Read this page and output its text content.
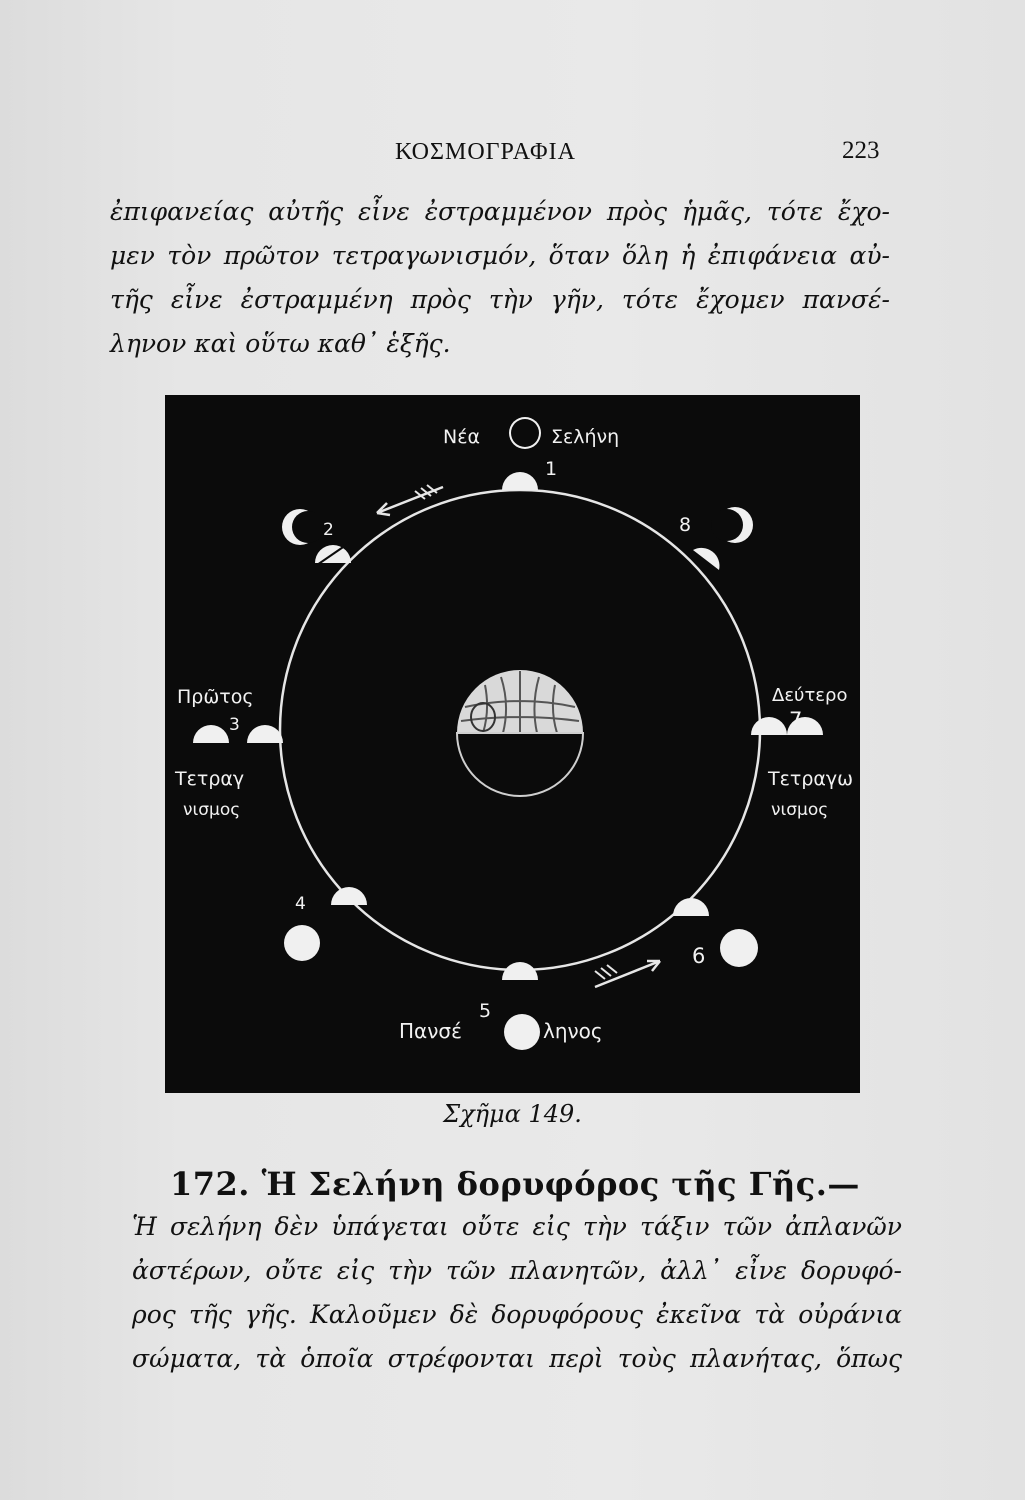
ΚΟΣΜΟΓΡΑΦΙΑ	223
ἐπιφανείας αὐτῆς εἶνε ἐστραμμένον πρὸς ἡμᾶς, τότε ἔχο-
μεν τὸν πρῶτον τετραγωνισμόν, ὅταν ὅλη ἡ ἐπιφάνεια αὐ-
τῆς εἶνε ἐστραμμένη πρὸς τὴν γῆν, τότε ἔχομεν πανσέ-
ληνον καὶ οὕτω καθ᾿ ἑξῆς.
Νέα	Σελήνη
Πρῶτος
Τετραγ
νισμος
Δεύτερο
Τετραγω
νισμος
Πανσέ	ληνος
1
2
3
4
5
6
7
8
Σχῆμα 149.
172. Ἡ Σελήνη δορυφόρος τῆς Γῆς.—
Ἡ σελήνη δὲν ὑπάγεται οὔτε εἰς τὴν τάξιν τῶν ἀπλανῶν
ἀστέρων, οὔτε εἰς τὴν τῶν πλανητῶν, ἀλλ᾿ εἶνε δορυφό-
ρος τῆς γῆς. Καλοῦμεν δὲ δορυφόρους ἐκεῖνα τὰ οὐράνια
σώματα, τὰ ὁποῖα στρέφονται περὶ τοὺς πλανήτας, ὅπως
